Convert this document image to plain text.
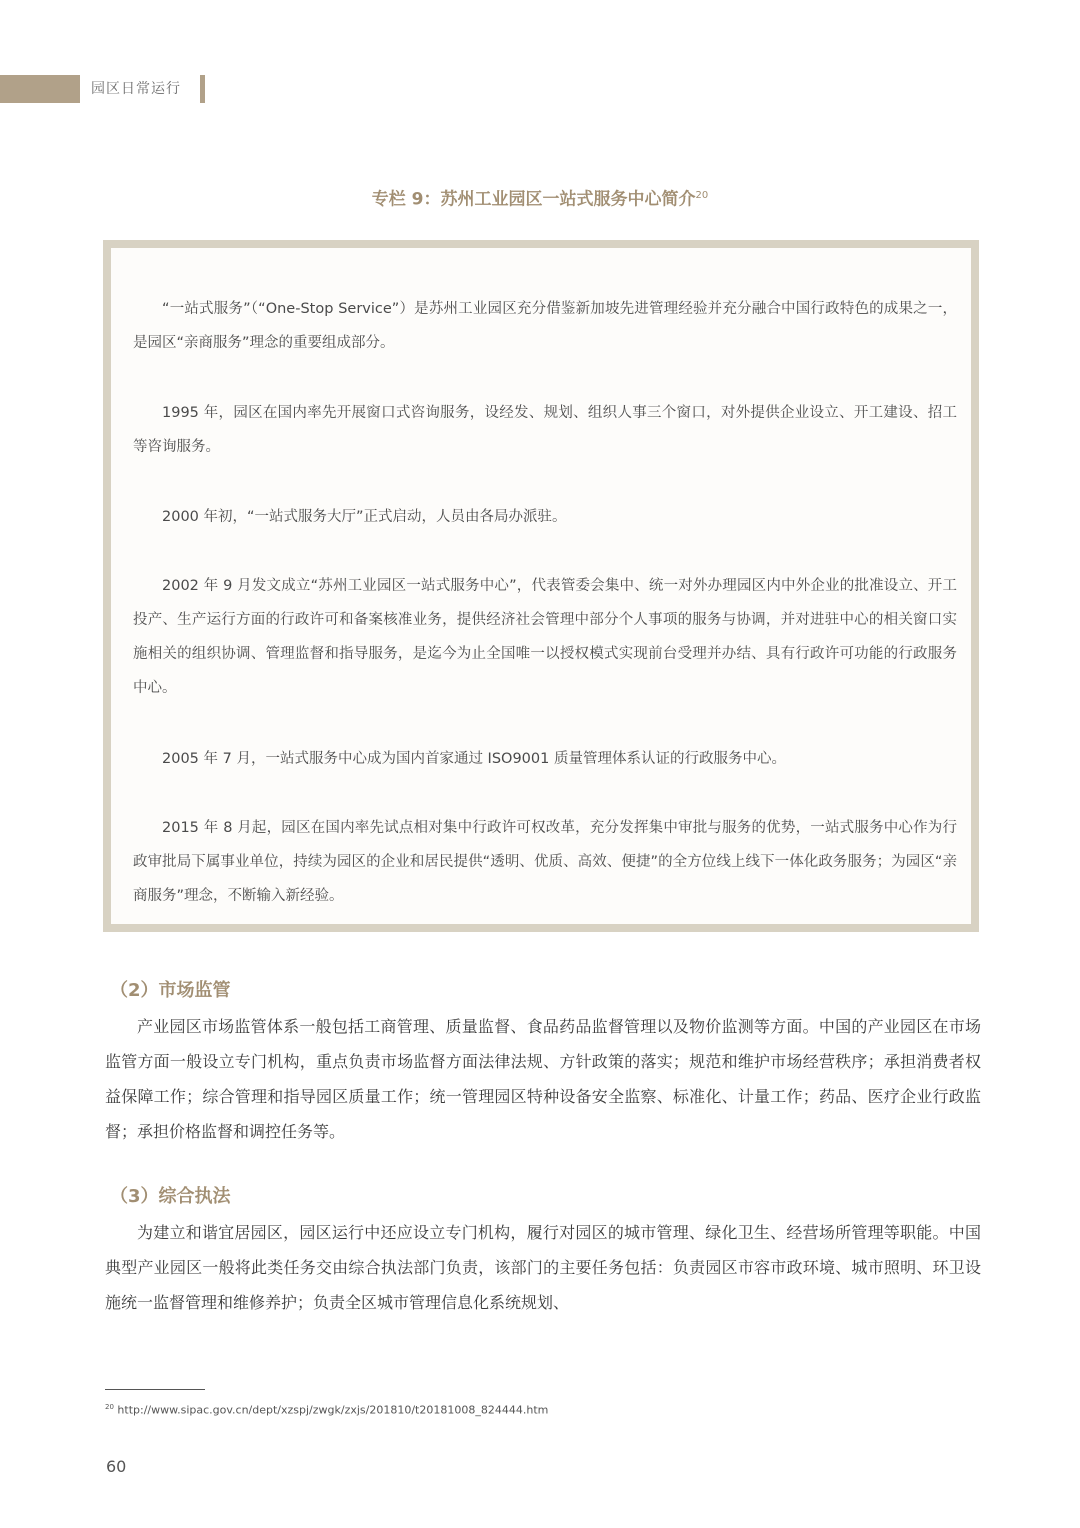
园区日常运行
专栏 9：苏州工业园区一站式服务中心简介$^{20}$

“一站式服务”（“One-Stop Service”）是苏州工业园区充分借鉴新加坡先进管理经验并充分融合中国行政特色的成果之一，是园区“亲商服务”理念的重要组成部分。

1995 年，园区在国内率先开展窗口式咨询服务，设经发、规划、组织人事三个窗口，对外提供企业设立、开工建设、招工等咨询服务。

2000 年初，“一站式服务大厅”正式启动，人员由各局办派驻。

2002 年 9 月发文成立“苏州工业园区一站式服务中心”，代表管委会集中、统一对外办理园区内中外企业的批准设立、开工投产、生产运行方面的行政许可和备案核准业务，提供经济社会管理中部分个人事项的服务与协调，并对进驻中心的相关窗口实施相关的组织协调、管理监督和指导服务，是迄今为止全国唯一以授权模式实现前台受理并办结、具有行政许可功能的行政服务中心。

2005 年 7 月，一站式服务中心成为国内首家通过 ISO9001 质量管理体系认证的行政服务中心。

2015 年 8 月起，园区在国内率先试点相对集中行政许可权改革，充分发挥集中审批与服务的优势，一站式服务中心作为行政审批局下属事业单位，持续为园区的企业和居民提供“透明、优质、高效、便捷”的全方位线上线下一体化政务服务；为园区“亲商服务”理念，不断输入新经验。

（2）市场监管

产业园区市场监管体系一般包括工商管理、质量监督、食品药品监督管理以及物价监测等方面。中国的产业园区在市场监管方面一般设立专门机构，重点负责市场监督方面法律法规、方针政策的落实；规范和维护市场经营秩序；承担消费者权益保障工作；综合管理和指导园区质量工作；统一管理园区特种设备安全监察、标准化、计量工作；药品、医疗企业行政监督；承担价格监督和调控任务等。

（3）综合执法

为建立和谐宜居园区，园区运行中还应设立专门机构，履行对园区的城市管理、绿化卫生、经营场所管理等职能。中国典型产业园区一般将此类任务交由综合执法部门负责，该部门的主要任务包括：负责园区市容市政环境、城市照明、环卫设施统一监督管理和维修养护；负责全区城市管理信息化系统规划、

$^{20}$ http://www.sipac.gov.cn/dept/xzspj/zwgk/zxjs/201810/t20181008_824444.htm
60
